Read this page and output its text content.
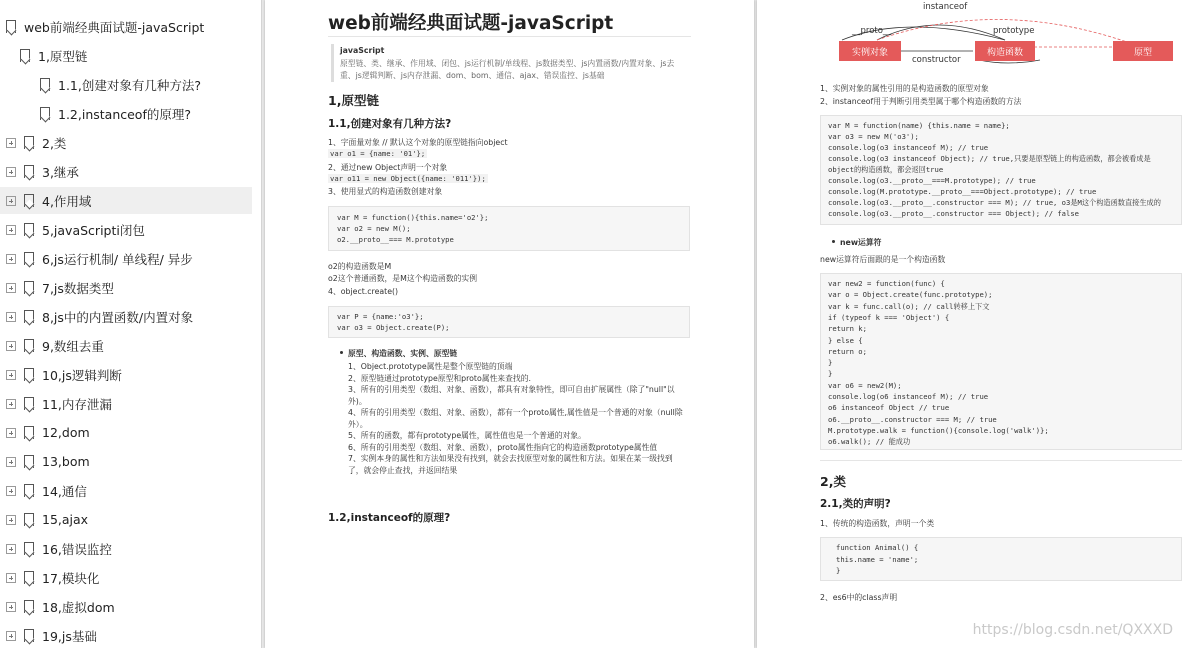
web前端经典面试题-javaScript
1,原型链
1.1,创建对象有几种方法?
1.2,instanceof的原理?
2,类
3,继承
4,作用域
5,javaScripti闭包
6,js运行机制/ 单线程/ 异步
7,js数据类型
8,js中的内置函数/内置对象
9,数组去重
10,js逻辑判断
11,内存泄漏
12,dom
13,bom
14,通信
15,ajax
16,错误监控
17,模块化
18,虚拟dom
19,js基础
web前端经典面试题-javaScript
javaScript
原型链、类、继承、作用域、闭包、js运行机制/单线程、js数据类型、js内置函数/内置对象、js去
重、js逻辑判断、js内存泄漏、dom、bom、通信、ajax、错误监控、js基础
1,原型链
1.1,创建对象有几种方法?
1、字面量对象 // 默认这个对象的原型链指向object
var o1 = {name: '01'};
2、通过new Object声明一个对象
var o11 = new Object({name: '011'});
3、使用显式的构造函数创建对象
var M = function(){this.name='o2'};
var o2 = new M();
o2.__proto__=== M.prototype
o2的构造函数是M
o2这个普通函数，是M这个构造函数的实例
4、object.create()
var P = {name:'o3'};
var o3 = Object.create(P);
原型、构造函数、实例、原型链
1、Object.prototype属性是整个原型链的顶端
2、原型链通过prototype原型和proto属性来查找的.
3、所有的引用类型（数组、对象、函数），都具有对象特性，即可自由扩展属性（除了"null"以
外)。
4、所有的引用类型（数组、对象、函数），都有一个proto属性,属性值是一个普通的对象（null除
外）。
5、所有的函数，都有prototype属性，属性值也是一个普通的对象。
6、所有的引用类型（数组、对象、函数），proto属性指向它的构造函数prototype属性值
7、实例本身的属性和方法如果没有找到，就会去找原型对象的属性和方法。如果在某一级找到
了，就会停止查找，并返回结果
1.2,instanceof的原理?
instanceof
__proto__	prototype
constructor
实例对象	构造函数	原型
1、实例对象的属性引用的是构造函数的原型对象
2、instanceof用于判断引用类型属于哪个构造函数的方法
var M = function(name) {this.name = name};
var o3 = new M('o3');
console.log(o3 instanceof M); // true
console.log(o3 instanceof Object); // true,只要是原型链上的构造函数，都会被看成是
object的构造函数，都会返回true
console.log(o3.__proto__===M.prototype); // true
console.log(M.prototype.__proto__===Object.prototype); // true
console.log(o3.__proto__.constructor === M); // true, o3是M这个构造函数直接生成的
console.log(o3.__proto__.constructor === Object); // false
new运算符
new运算符后面跟的是一个构造函数
var new2 = function(func) {
var o = Object.create(func.prototype);
var k = func.call(o); // call转移上下文
if (typeof k === 'Object') {
return k;
} else {
return o;
}
}
var o6 = new2(M);
console.log(o6 instanceof M); // true
o6 instanceof Object // true
o6.__proto__.constructor === M; // true
M.prototype.walk = function(){console.log('walk')};
o6.walk(); // 能成功
2,类
2.1,类的声明?
1、传统的构造函数，声明一个类
function Animal() {
this.name = 'name';
}
2、es6中的class声明
https://blog.csdn.net/QXXXD
